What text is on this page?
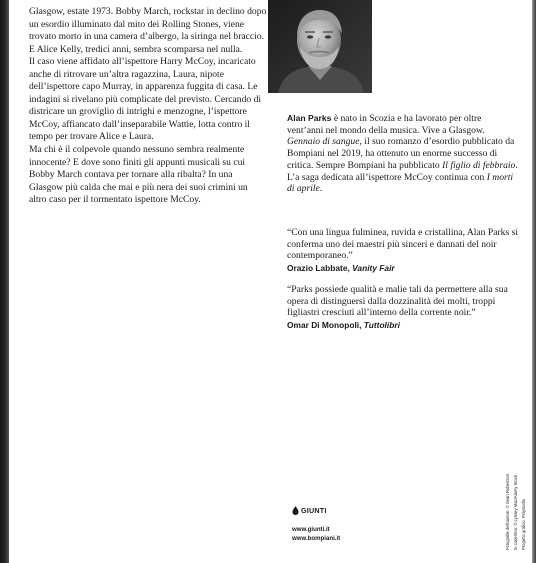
Glasgow, estate 1973. Bobby March, rockstar in declino dopo un esordio illuminato dal mito dei Rolling Stones, viene trovato morto in una camera d’albergo, la siringa nel braccio. E Alice Kelly, tredici anni, sembra scomparsa nel nulla.

Il caso viene affidato all’ispettore Harry McCoy, incaricato anche di ritrovare un’altra ragazzina, Laura, nipote dell’ispettore capo Murray, in apparenza fuggita di casa. Le indagini si rivelano più complicate del previsto. Cercando di districare un groviglio di intrighi e menzogne, l’ispettore McCoy, affiancato dall’inseparabile Wattie, lotta contro il tempo per trovare Alice e Laura.

Ma chi è il colpevole quando nessuno sembra realmente innocente? E dove sono finiti gli appunti musicali su cui Bobby March contava per tornare alla ribalta? In una Glasgow più calda che mai e più nera dei suoi crimini un altro caso per il tormentato ispettore McCoy.

Alan Parks è nato in Scozia e ha lavorato per oltre vent’anni nel mondo della musica. Vive a Glasgow. Gennaio di sangue, il suo romanzo d’esordio pubblicato da Bompiani nel 2019, ha ottenuto un enorme successo di critica. Sempre Bompiani ha pubblicato Il figlio di febbraio. L’a saga dedicata all’ispettore McCoy continua con I morti di aprile.

“Con una lingua fulminea, ruvida e cristallina, Alan Parks si conferma uno dei maestri più sinceri e dannati del noir contemporaneo.”

Orazio Labbate, Vanity Fair

“Parks possiede qualità e malie tali da permettere alla sua opera di distinguersi dalla dozzinalità dei molti, troppi figliastri cresciuti all’interno della corrente noir.”

Omar Di Monopoli, Tuttolibri
GIUNTI
www.giunti.it
www.bompiani.it	Fotografie dell’autore: © Sean Robertson In copertina: © Lynsey Mac/Alamy Stock Progetto grafico: Polystudio
